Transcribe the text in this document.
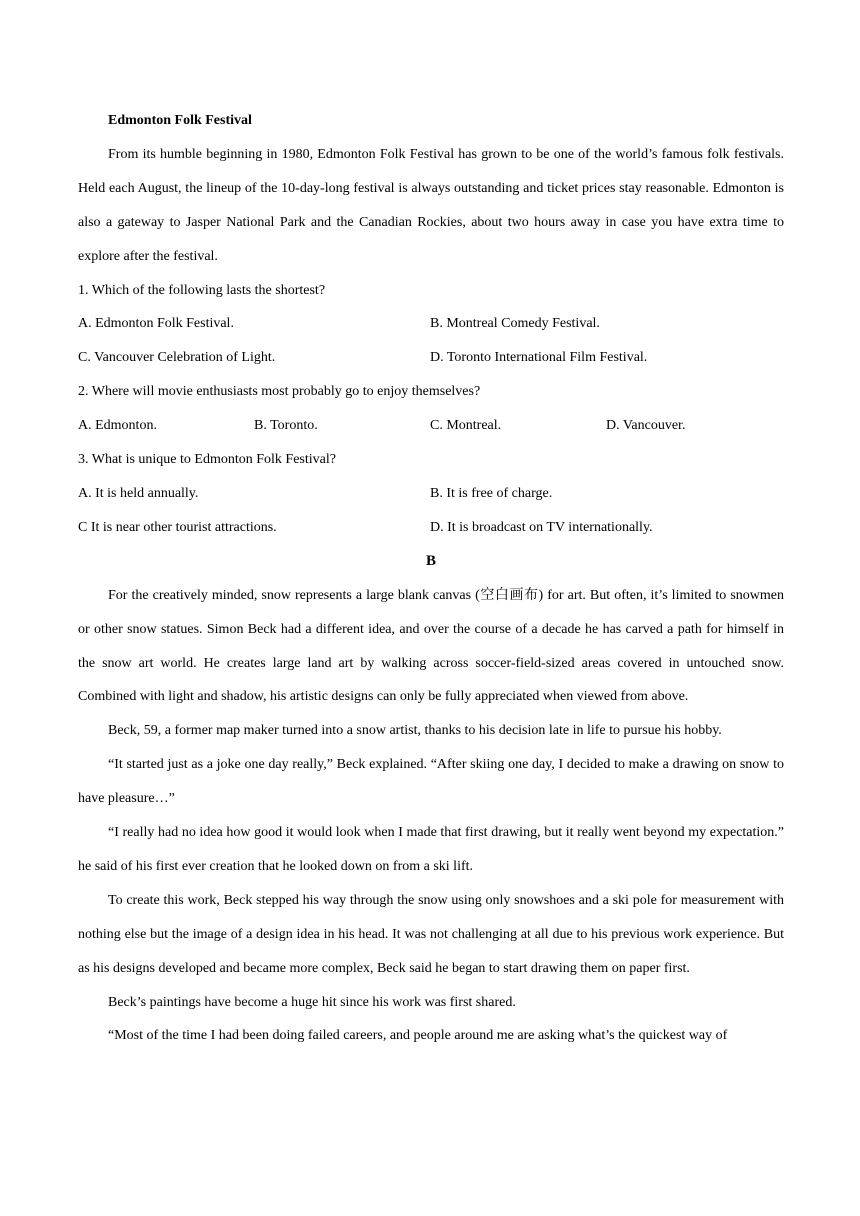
Edmonton Folk Festival

From its humble beginning in 1980, Edmonton Folk Festival has grown to be one of the world’s famous folk festivals. Held each August, the lineup of the 10-day-long festival is always outstanding and ticket prices stay reasonable. Edmonton is also a gateway to Jasper National Park and the Canadian Rockies, about two hours away in case you have extra time to explore after the festival.

1. Which of the following lasts the shortest?

A. Edmonton Folk Festival.	B. Montreal Comedy Festival.
C. Vancouver Celebration of Light.	D. Toronto International Film Festival.

2. Where will movie enthusiasts most probably go to enjoy themselves?

A. Edmonton.	B. Toronto.	C. Montreal.	D. Vancouver.

3. What is unique to Edmonton Folk Festival?

A. It is held annually.	B. It is free of charge.
C It is near other tourist attractions.	D. It is broadcast on TV internationally.
B

For the creatively minded, snow represents a large blank canvas (空白画布) for art. But often, it’s limited to snowmen or other snow statues. Simon Beck had a different idea, and over the course of a decade he has carved a path for himself in the snow art world. He creates large land art by walking across soccer-field-sized areas covered in untouched snow. Combined with light and shadow, his artistic designs can only be fully appreciated when viewed from above.

Beck, 59, a former map maker turned into a snow artist, thanks to his decision late in life to pursue his hobby.

“It started just as a joke one day really,” Beck explained. “After skiing one day, I decided to make a drawing on snow to have pleasure…”

“I really had no idea how good it would look when I made that first drawing, but it really went beyond my expectation.” he said of his first ever creation that he looked down on from a ski lift.

To create this work, Beck stepped his way through the snow using only snowshoes and a ski pole for measurement with nothing else but the image of a design idea in his head. It was not challenging at all due to his previous work experience. But as his designs developed and became more complex, Beck said he began to start drawing them on paper first.

Beck’s paintings have become a huge hit since his work was first shared.

“Most of the time I had been doing failed careers, and people around me are asking what’s the quickest way of
